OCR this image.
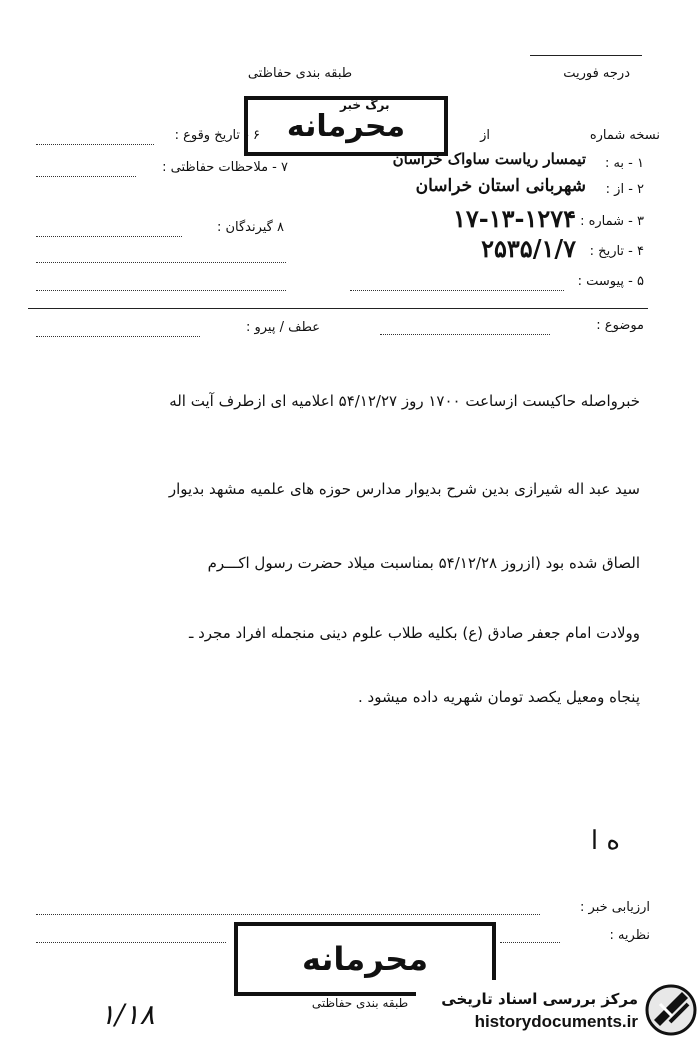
طبقه بندی حفاظتی	درجه فوریت
محرمانه
برگ خبر
۶ - تاریخ وقوع :
۷ - ملاحظات حفاظتی :
۸ گیرندگان :
نسخه شماره
از
۱ - به :
تیمسار ریاست ساواک خراسان
۲ - از :
شهربانی استان خراسان
۳ - شماره :
۱۷-۱۳-۱۲۷۴
۴ - تاریخ :
۲۵۳۵/۱/۷
۵ - پیوست :
موضوع :
عطف / پیرو :
خبرواصله حاکیست ازساعت ۱۷۰۰ روز ۵۴/۱۲/۲۷ اعلامیه ای ازطرف آیت اله
سید عبد اله شیرازی بدین شرح بدیوار مدارس حوزه های علمیه مشهد بدیوار
الصاق شده بود (ازروز ۵۴/۱۲/۲۸ بمناسبت میلاد حضرت رسول اکـــرم
وولادت امام جعفر صادق (ع) بکلیه طلاب علوم دینی منجمله افراد مجرد ـ
پنجاه ومعیل یکصد تومان شهریه داده میشود .
ه ا
ارزیابی خبر :
نظریه :
محرمانه
طبقه بندی حفاظتی
۱/۱۸	مرکز بررسی اسناد تاریخی
historydocuments.ir
